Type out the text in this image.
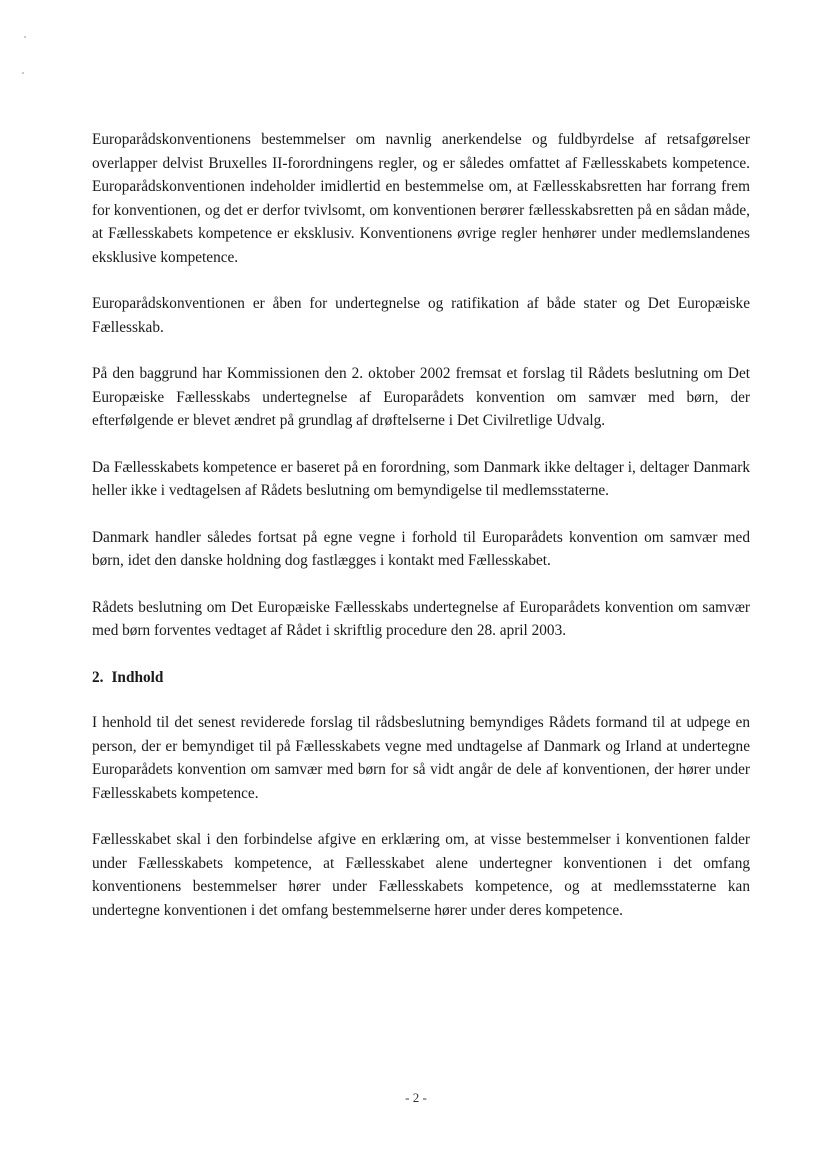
Europarådskonventionens bestemmelser om navnlig anerkendelse og fuldbyrdelse af retsafgørelser overlapper delvist Bruxelles II-forordningens regler, og er således omfattet af Fællesskabets kompetence. Europarådskonventionen indeholder imidlertid en bestemmelse om, at Fællesskabsretten har forrang frem for konventionen, og det er derfor tvivlsomt, om konventionen berører fællesskabsretten på en sådan måde, at Fællesskabets kompetence er eksklusiv. Konventionens øvrige regler henhører under medlemslandenes eksklusive kompetence.

Europarådskonventionen er åben for undertegnelse og ratifikation af både stater og Det Europæiske Fællesskab.

På den baggrund har Kommissionen den 2. oktober 2002 fremsat et forslag til Rådets beslutning om Det Europæiske Fællesskabs undertegnelse af Europarådets konvention om samvær med børn, der efterfølgende er blevet ændret på grundlag af drøftelserne i Det Civilretlige Udvalg.

Da Fællesskabets kompetence er baseret på en forordning, som Danmark ikke deltager i, deltager Danmark heller ikke i vedtagelsen af Rådets beslutning om bemyndigelse til medlemsstaterne.

Danmark handler således fortsat på egne vegne i forhold til Europarådets konvention om samvær med børn, idet den danske holdning dog fastlægges i kontakt med Fællesskabet.

Rådets beslutning om Det Europæiske Fællesskabs undertegnelse af Europarådets konvention om samvær med børn forventes vedtaget af Rådet i skriftlig procedure den 28. april 2003.

2. Indhold

I henhold til det senest reviderede forslag til rådsbeslutning bemyndiges Rådets formand til at udpege en person, der er bemyndiget til på Fællesskabets vegne med undtagelse af Danmark og Irland at undertegne Europarådets konvention om samvær med børn for så vidt angår de dele af konventionen, der hører under Fællesskabets kompetence.

Fællesskabet skal i den forbindelse afgive en erklæring om, at visse bestemmelser i konventionen falder under Fællesskabets kompetence, at Fællesskabet alene undertegner konventionen i det omfang konventionens bestemmelser hører under Fællesskabets kompetence, og at medlemsstaterne kan undertegne konventionen i det omfang bestemmelserne hører under deres kompetence.

- 2 -
